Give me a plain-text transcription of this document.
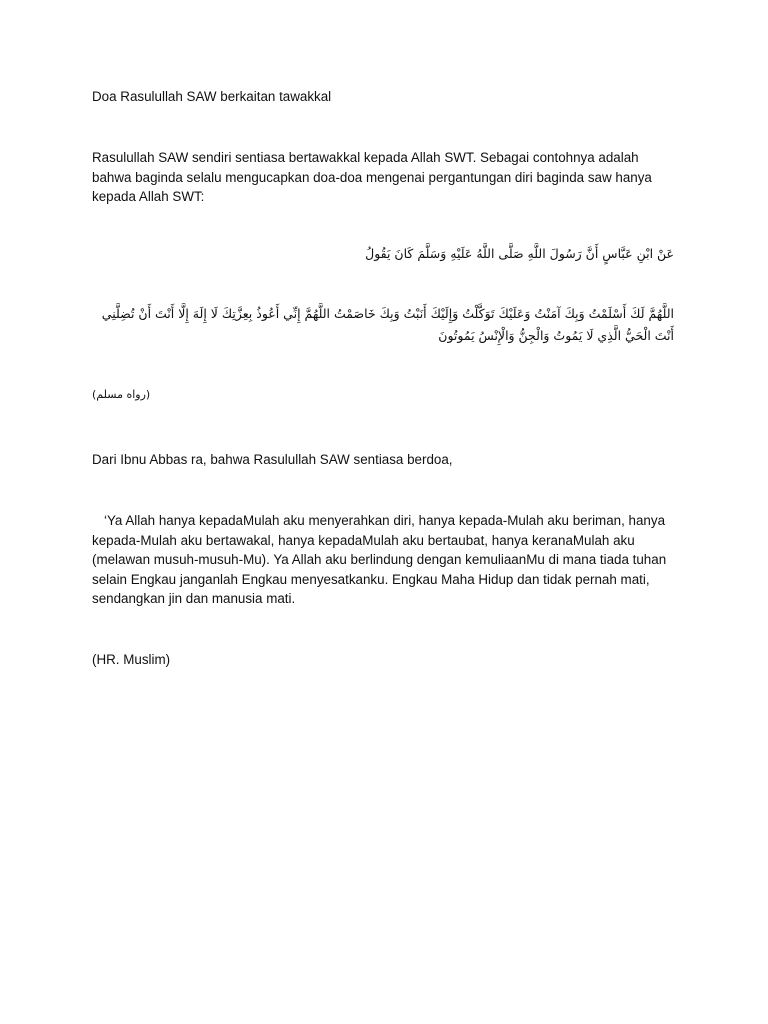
Doa Rasulullah SAW berkaitan tawakkal

Rasulullah SAW sendiri sentiasa bertawakkal kepada Allah SWT. Sebagai contohnya adalah bahwa baginda selalu mengucapkan doa-doa mengenai pergantungan diri baginda saw hanya kepada Allah SWT:

عَنْ ابْنِ عَبَّاسٍ أَنَّ رَسُولَ اللَّهِ صَلَّى اللَّهُ عَلَيْهِ وَسَلَّمَ كَانَ يَقُولُ

اللَّهُمَّ لَكَ أَسْلَمْتُ وَبِكَ آمَنْتُ وَعَلَيْكَ تَوَكَّلْتُ وَإِلَيْكَ أَنَبْتُ وَبِكَ خَاصَمْتُ اللَّهُمَّ إِنِّي أَعُوذُ بِعِزَّتِكَ لَا إِلَهَ إِلَّا أَنْتَ أَنْ تُضِلَّنِي أَنْتَ الْحَيُّ الَّذِي لَا يَمُوتُ وَالْجِنُّ وَالْإِنْسُ يَمُوتُونَ

(رواه مسلم)

Dari Ibnu Abbas ra, bahwa Rasulullah SAW sentiasa berdoa,

‘Ya Allah hanya kepadaMulah aku menyerahkan diri, hanya kepada-Mulah aku beriman, hanya kepada-Mulah aku bertawakal, hanya kepadaMulah aku bertaubat, hanya keranaMulah aku (melawan musuh-musuh-Mu). Ya Allah aku berlindung dengan kemuliaanMu di mana tiada tuhan selain Engkau janganlah Engkau menyesatkanku. Engkau Maha Hidup dan tidak pernah mati, sendangkan jin dan manusia mati.

(HR. Muslim)
